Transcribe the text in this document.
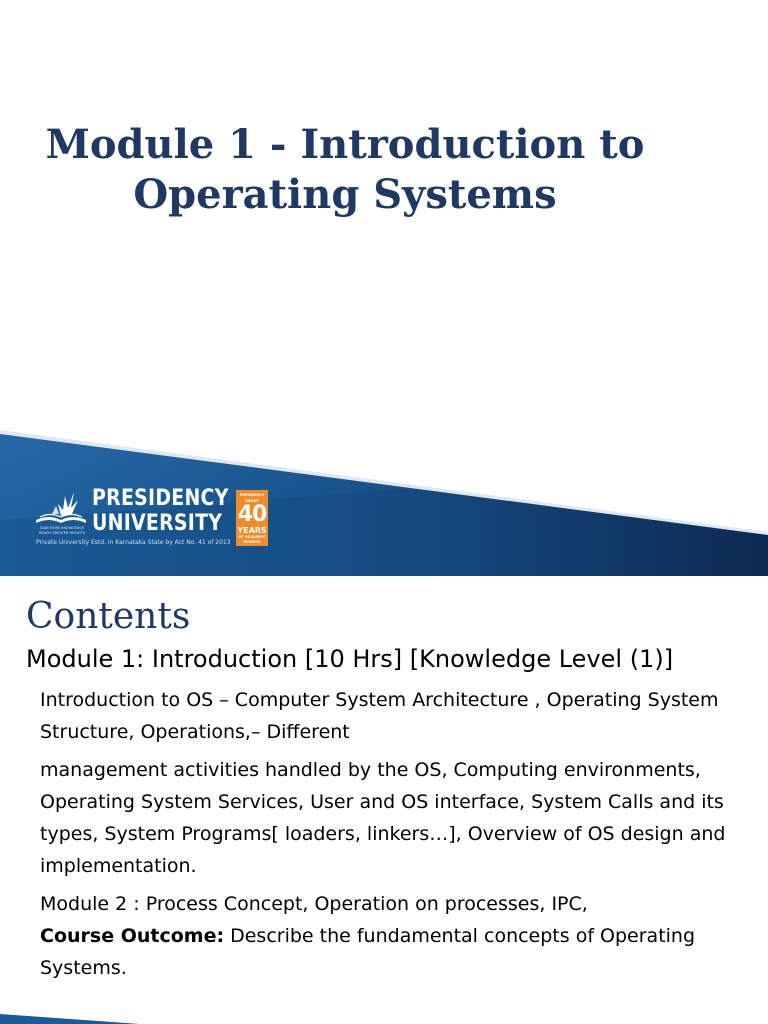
Module 1 - Introduction to
Operating Systems
PRESIDENCY
UNIVERSITY
GAIN MORE KNOWLEDGE
REACH GREATER HEIGHTS
Private University Estd. in Karnataka State by Act No. 41 of 2013
PRESIDENCY GROUP
40
YEARS
OF ACADEMIC
WISDOM
Contents
Module 1: Introduction [10 Hrs] [Knowledge Level (1)]

Introduction to OS – Computer System Architecture , Operating System Structure, Operations,– Different

management activities handled by the OS, Computing environments, Operating System Services, User and OS interface, System Calls and its types, System Programs[ loaders, linkers…], Overview of OS design and implementation.

Module 2 : Process Concept, Operation on processes, IPC,
Course Outcome: Describe the fundamental concepts of Operating Systems.
